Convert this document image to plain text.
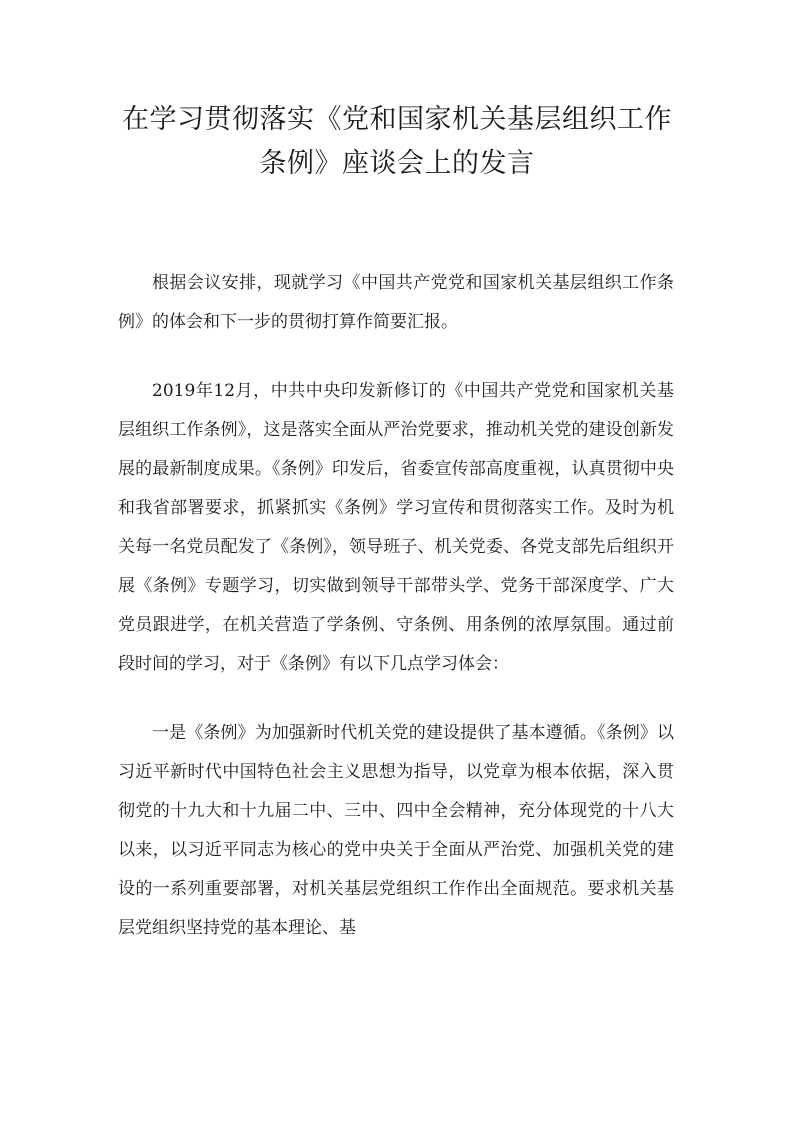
在学习贯彻落实《党和国家机关基层组织工作条例》座谈会上的发言

根据会议安排，现就学习《中国共产党党和国家机关基层组织工作条例》的体会和下一步的贯彻打算作简要汇报。

2019年12月，中共中央印发新修订的《中国共产党党和国家机关基层组织工作条例》，这是落实全面从严治党要求，推动机关党的建设创新发展的最新制度成果。《条例》印发后，省委宣传部高度重视，认真贯彻中央和我省部署要求，抓紧抓实《条例》学习宣传和贯彻落实工作。及时为机关每一名党员配发了《条例》，领导班子、机关党委、各党支部先后组织开展《条例》专题学习，切实做到领导干部带头学、党务干部深度学、广大党员跟进学，在机关营造了学条例、守条例、用条例的浓厚氛围。通过前段时间的学习，对于《条例》有以下几点学习体会：

一是《条例》为加强新时代机关党的建设提供了基本遵循。《条例》以习近平新时代中国特色社会主义思想为指导，以党章为根本依据，深入贯彻党的十九大和十九届二中、三中、四中全会精神，充分体现党的十八大以来，以习近平同志为核心的党中央关于全面从严治党、加强机关党的建设的一系列重要部署，对机关基层党组织工作作出全面规范。要求机关基层党组织坚持党的基本理论、基
